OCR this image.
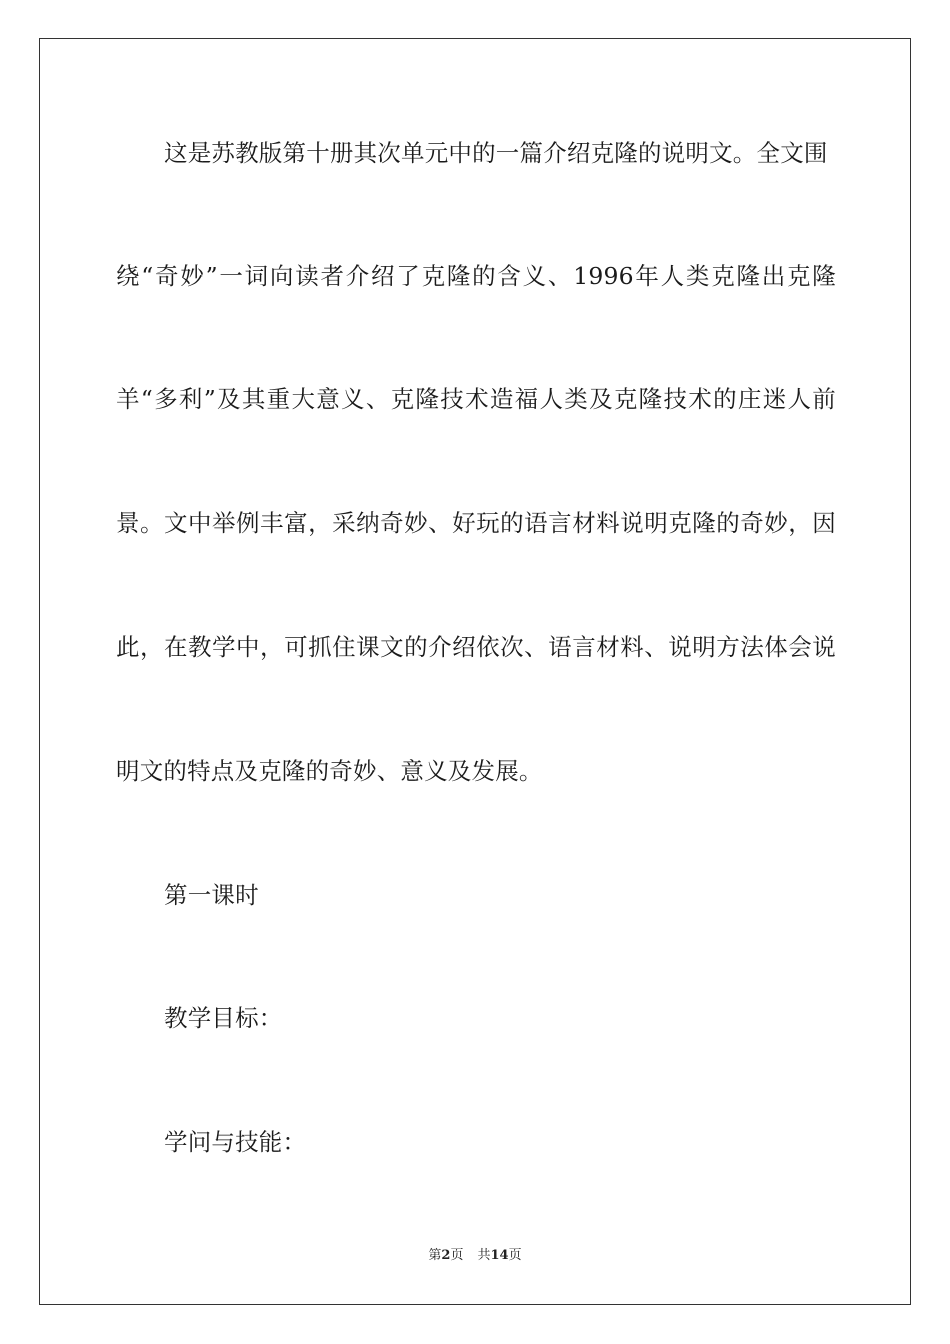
这是苏教版第十册其次单元中的一篇介绍克隆的说明文。全文围
绕“奇妙”一词向读者介绍了克隆的含义、1996年人类克隆出克隆
羊“多利”及其重大意义、克隆技术造福人类及克隆技术的庄迷人前
景。文中举例丰富，采纳奇妙、好玩的语言材料说明克隆的奇妙，因
此，在教学中，可抓住课文的介绍依次、语言材料、说明方法体会说
明文的特点及克隆的奇妙、意义及发展。
第一课时
教学目标：
学问与技能：
第2页 共14页
